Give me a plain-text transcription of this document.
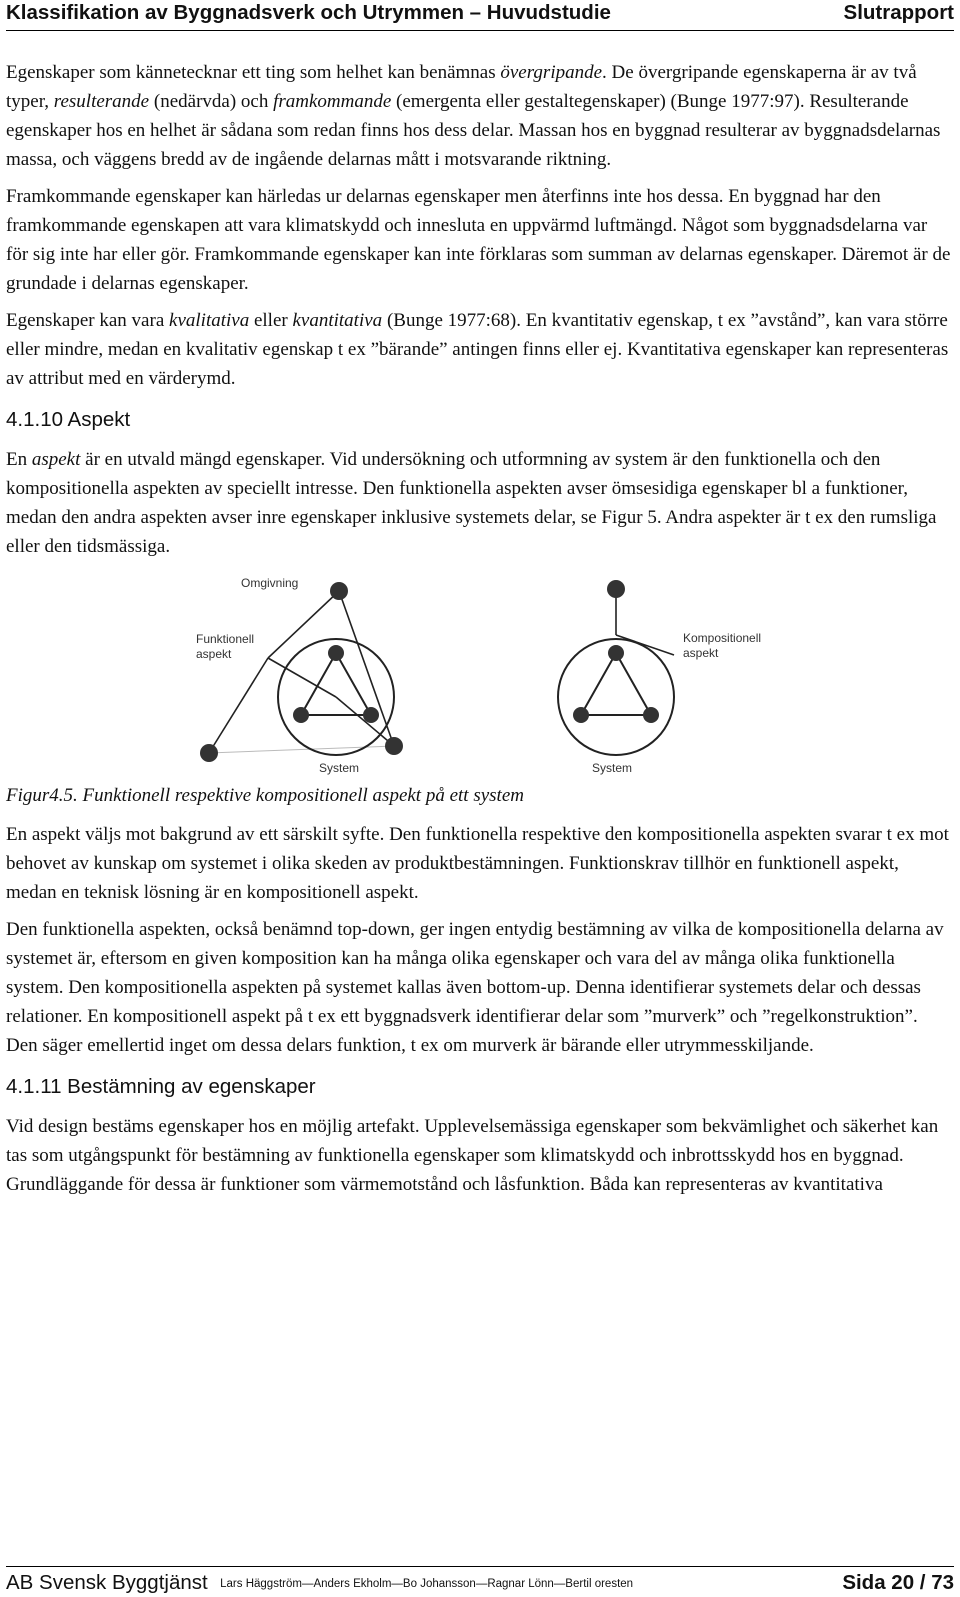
Klassifikation av Byggnadsverk och Utrymmen – Huvudstudie	Slutrapport

Egenskaper som kännetecknar ett ting som helhet kan benämnas övergripande. De övergripande egenskaperna är av två typer, resulterande (nedärvda) och framkommande (emergenta eller gestaltegenskaper) (Bunge 1977:97). Resulterande egenskaper hos en helhet är sådana som redan finns hos dess delar. Massan hos en byggnad resulterar av byggnadsdelarnas massa, och väggens bredd av de ingående delarnas mått i motsvarande riktning.

Framkommande egenskaper kan härledas ur delarnas egenskaper men återfinns inte hos dessa. En byggnad har den framkommande egenskapen att vara klimatskydd och innesluta en uppvärmd luftmängd. Något som byggnadsdelarna var för sig inte har eller gör. Framkommande egenskaper kan inte förklaras som summan av delarnas egenskaper. Däremot är de grundade i delarnas egenskaper.

Egenskaper kan vara kvalitativa eller kvantitativa (Bunge 1977:68). En kvantitativ egenskap, t ex ”avstånd”, kan vara större eller mindre, medan en kvalitativ egenskap t ex ”bärande” antingen finns eller ej. Kvantitativa egenskaper kan representeras av attribut med en värderymd.

4.1.10 Aspekt

En aspekt är en utvald mängd egenskaper. Vid undersökning och utformning av system är den funktionella och den kompositionella aspekten av speciellt intresse. Den funktionella aspekten avser ömsesidiga egenskaper bl a funktioner, medan den andra aspekten avser inre egenskaper inklusive systemets delar, se Figur 5. Andra aspekter är t ex den rumsliga eller den tidsmässiga.

Omgivning
Funktionell
aspekt
System
Kompositionell
aspekt
System

Figur4.5. Funktionell respektive kompositionell aspekt på ett system

En aspekt väljs mot bakgrund av ett särskilt syfte. Den funktionella respektive den kompositionella aspekten svarar t ex mot behovet av kunskap om systemet i olika skeden av produktbestämningen. Funktionskrav tillhör en funktionell aspekt, medan en teknisk lösning är en kompositionell aspekt.

Den funktionella aspekten, också benämnd top-down, ger ingen entydig bestämning av vilka de kompositionella delarna av systemet är, eftersom en given komposition kan ha många olika egenskaper och vara del av många olika funktionella system. Den kompositionella aspekten på systemet kallas även bottom-up. Denna identifierar systemets delar och dessas relationer. En kompositionell aspekt på t ex ett byggnadsverk identifierar delar som ”murverk” och ”regelkonstruktion”. Den säger emellertid inget om dessa delars funktion, t ex om murverk är bärande eller utrymmesskiljande.

4.1.11 Bestämning av egenskaper

Vid design bestäms egenskaper hos en möjlig artefakt. Upplevelsemässiga egenskaper som bekvämlighet och säkerhet kan tas som utgångspunkt för bestämning av funktionella egenskaper som klimatskydd och inbrottsskydd hos en byggnad. Grundläggande för dessa är funktioner som värmemotstånd och låsfunktion. Båda kan representeras av kvantitativa

AB Svensk Byggtjänst Lars Häggström—Anders Ekholm—Bo Johansson—Ragnar Lönn—Bertil oresten	Sida 20 / 73
